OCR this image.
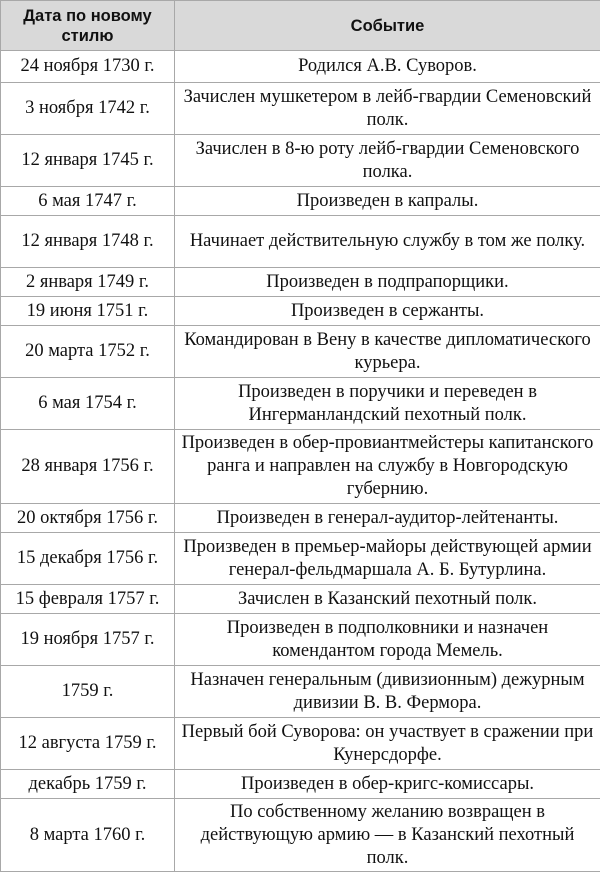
Дата по новому стилю	Событие
24 ноября 1730 г.	Родился А.В. Суворов.
3 ноября 1742 г.	Зачислен мушкетером в лейб-гвардии Семеновский полк.
12 января 1745 г.	Зачислен в 8-ю роту лейб-гвардии Семеновского полка.
6 мая 1747 г.	Произведен в капралы.
12 января 1748 г.	Начинает действительную службу в том же полку.
2 января 1749 г.	Произведен в подпрапорщики.
19 июня 1751 г.	Произведен в сержанты.
20 марта 1752 г.	Командирован в Вену в качестве дипломатического курьера.
6 мая 1754 г.	Произведен в поручики и переведен в Ингерманландский пехотный полк.
28 января 1756 г.	Произведен в обер-провиантмейстеры капитанского ранга и направлен на службу в Новгородскую губернию.
20 октября 1756 г.	Произведен в генерал-аудитор-лейтенанты.
15 декабря 1756 г.	Произведен в премьер-майоры действующей армии генерал-фельдмаршала А. Б. Бутурлина.
15 февраля 1757 г.	Зачислен в Казанский пехотный полк.
19 ноября 1757 г.	Произведен в подполковники и назначен комендантом города Мемель.
1759 г.	Назначен генеральным (дивизионным) дежурным дивизии В. В. Фермора.
12 августа 1759 г.	Первый бой Суворова: он участвует в сражении при Кунерсдорфе.
декабрь 1759 г.	Произведен в обер-кригс-комиссары.
8 марта 1760 г.	По собственному желанию возвращен в действующую армию — в Казанский пехотный полк.
